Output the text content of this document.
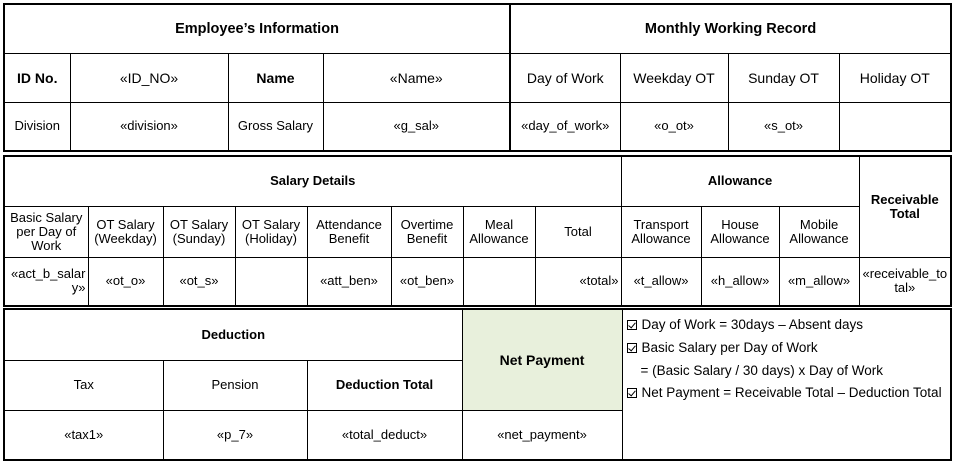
Employee’s Information				Monthly Working Record			
ID No.	«ID_NO»	Name	«Name»	Day of Work	Weekday OT	Sunday OT	Holiday OT
Division	«division»	Gross Salary	«g_sal»	«day_of_work»	«o_ot»	«s_ot»	
Salary Details								Allowance			Receivable Total
Basic Salary per Day of Work	OT Salary (Weekday)	OT Salary (Sunday)	OT Salary (Holiday)	Attendance Benefit	Overtime Benefit	Meal Allowance	Total	Transport Allowance	House Allowance	Mobile Allowance	
«act_b_salary»	«ot_o»	«ot_s»		«att_ben»	«ot_ben»		«total»	«t_allow»	«h_allow»	«m_allow»	«receivable_total»
Deduction			Net Payment	Day of Work = 30days – Absent days
Basic Salary per Day of Work
= (Basic Salary / 30 days) x Day of Work
Net Payment = Receivable Total – Deduction Total

Tax	Pension	Deduction Total		
«tax1»	«p_7»	«total_deduct»	«net_payment»	
